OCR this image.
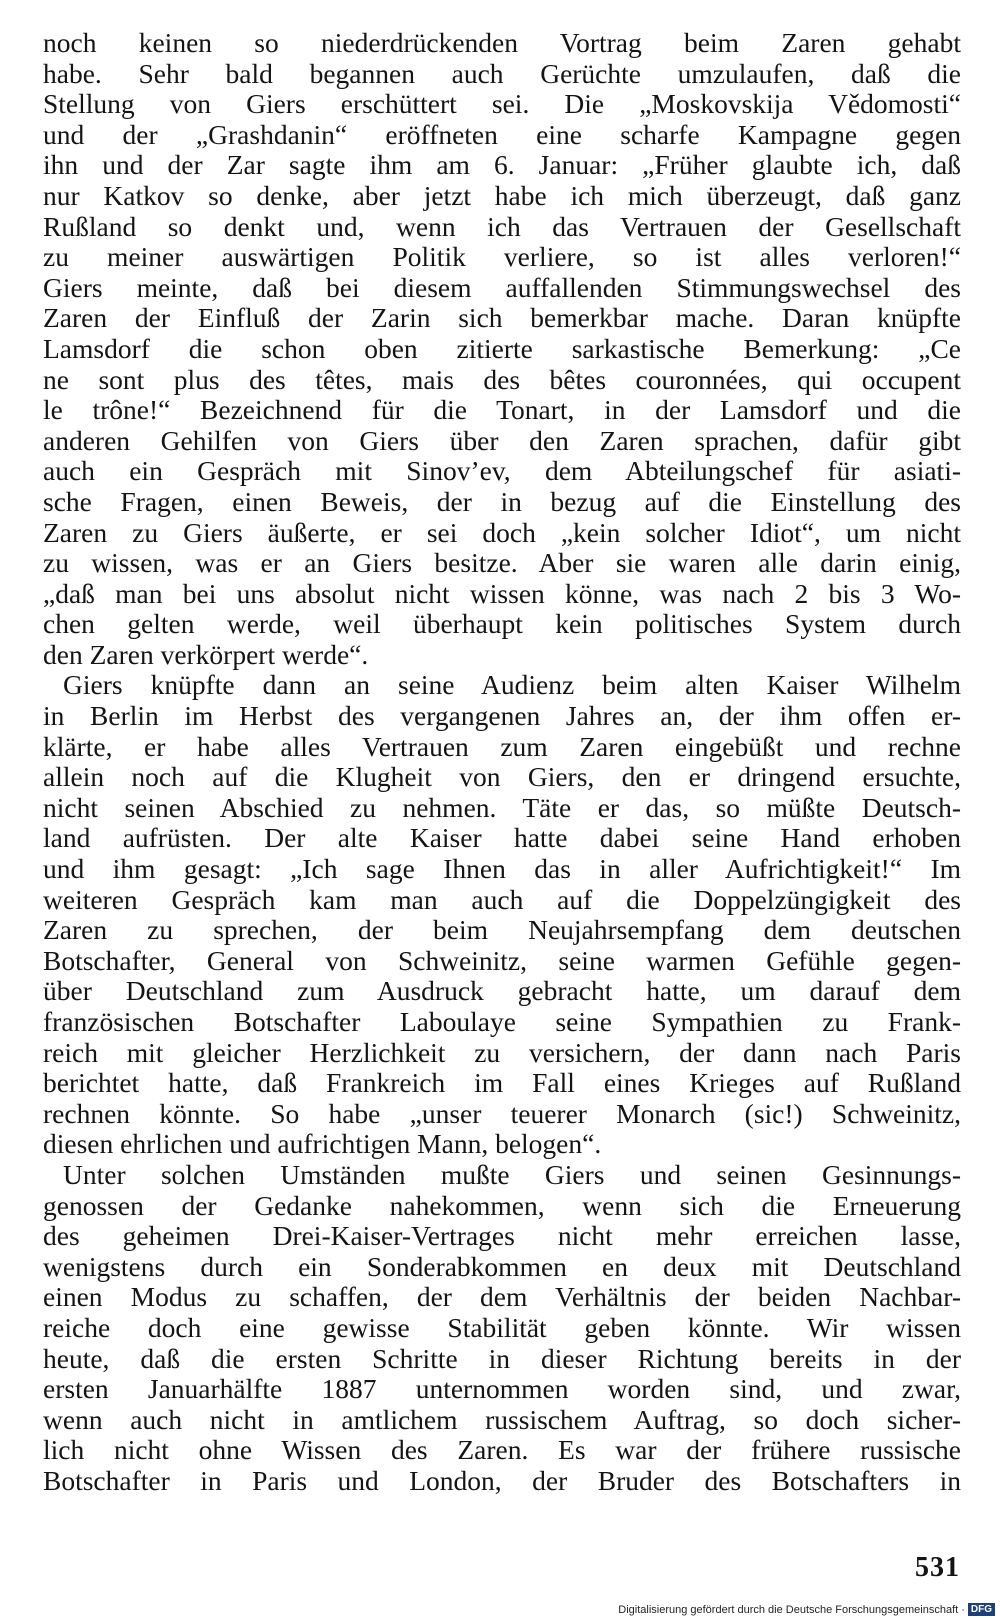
noch keinen so niederdrückenden Vortrag beim Zaren gehabt
habe. Sehr bald begannen auch Gerüchte umzulaufen, daß die
Stellung von Giers erschüttert sei. Die „Moskovskija Vědomosti“
und der „Grashdanin“ eröffneten eine scharfe Kampagne gegen
ihn und der Zar sagte ihm am 6. Januar: „Früher glaubte ich, daß
nur Katkov so denke, aber jetzt habe ich mich überzeugt, daß ganz
Rußland so denkt und, wenn ich das Vertrauen der Gesellschaft
zu meiner auswärtigen Politik verliere, so ist alles verloren!“
Giers meinte, daß bei diesem auffallenden Stimmungswechsel des
Zaren der Einfluß der Zarin sich bemerkbar mache. Daran knüpfte
Lamsdorf die schon oben zitierte sarkastische Bemerkung: „Ce
ne sont plus des têtes, mais des bêtes couronnées, qui occupent
le trône!“ Bezeichnend für die Tonart, in der Lamsdorf und die
anderen Gehilfen von Giers über den Zaren sprachen, dafür gibt
auch ein Gespräch mit Sinov’ev, dem Abteilungschef für asiati-
sche Fragen, einen Beweis, der in bezug auf die Einstellung des
Zaren zu Giers äußerte, er sei doch „kein solcher Idiot“, um nicht
zu wissen, was er an Giers besitze. Aber sie waren alle darin einig,
„daß man bei uns absolut nicht wissen könne, was nach 2 bis 3 Wo-
chen gelten werde, weil überhaupt kein politisches System durch
den Zaren verkörpert werde“.
Giers knüpfte dann an seine Audienz beim alten Kaiser Wilhelm
in Berlin im Herbst des vergangenen Jahres an, der ihm offen er-
klärte, er habe alles Vertrauen zum Zaren eingebüßt und rechne
allein noch auf die Klugheit von Giers, den er dringend ersuchte,
nicht seinen Abschied zu nehmen. Täte er das, so müßte Deutsch-
land aufrüsten. Der alte Kaiser hatte dabei seine Hand erhoben
und ihm gesagt: „Ich sage Ihnen das in aller Aufrichtigkeit!“ Im
weiteren Gespräch kam man auch auf die Doppelzüngigkeit des
Zaren zu sprechen, der beim Neujahrsempfang dem deutschen
Botschafter, General von Schweinitz, seine warmen Gefühle gegen-
über Deutschland zum Ausdruck gebracht hatte, um darauf dem
französischen Botschafter Laboulaye seine Sympathien zu Frank-
reich mit gleicher Herzlichkeit zu versichern, der dann nach Paris
berichtet hatte, daß Frankreich im Fall eines Krieges auf Rußland
rechnen könnte. So habe „unser teuerer Monarch (sic!) Schweinitz,
diesen ehrlichen und aufrichtigen Mann, belogen“.
Unter solchen Umständen mußte Giers und seinen Gesinnungs-
genossen der Gedanke nahekommen, wenn sich die Erneuerung
des geheimen Drei-Kaiser-Vertrages nicht mehr erreichen lasse,
wenigstens durch ein Sonderabkommen en deux mit Deutschland
einen Modus zu schaffen, der dem Verhältnis der beiden Nachbar-
reiche doch eine gewisse Stabilität geben könnte. Wir wissen
heute, daß die ersten Schritte in dieser Richtung bereits in der
ersten Januarhälfte 1887 unternommen worden sind, und zwar,
wenn auch nicht in amtlichem russischem Auftrag, so doch sicher-
lich nicht ohne Wissen des Zaren. Es war der frühere russische
Botschafter in Paris und London, der Bruder des Botschafters in
531
Digitalisierung gefördert durch die Deutsche Forschungsgemeinschaft · DFG
